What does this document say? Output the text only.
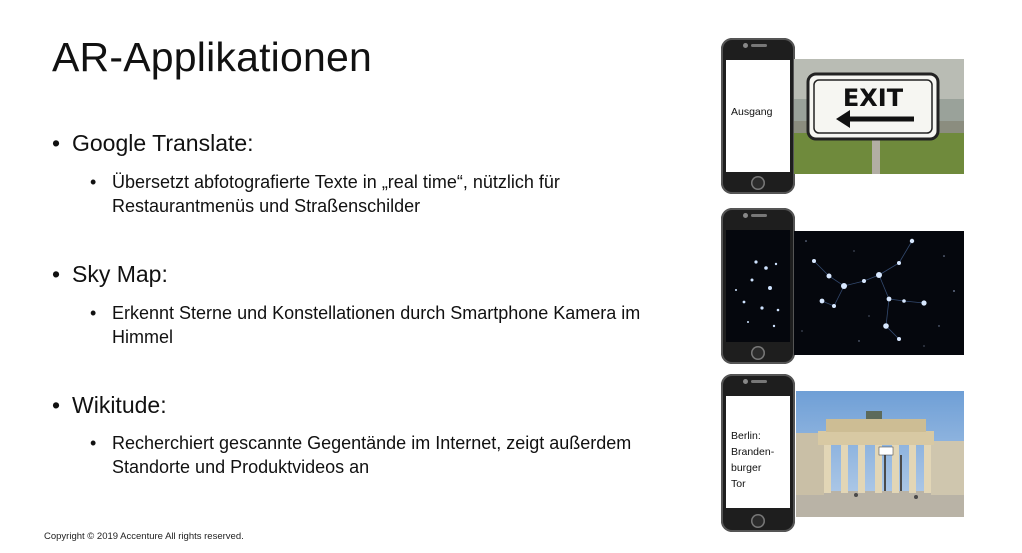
AR-Applikationen
• Google Translate:
• Übersetzt abfotografierte Texte in „real time“, nützlich für Restaurantmenüs und Straßenschilder
• Sky Map:
• Erkennt Sterne und Konstellationen durch Smartphone Kamera im Himmel
• Wikitude:
• Recherchiert gescannte Gegentände im Internet, zeigt außerdem Standorte und Produktvideos an
Copyright © 2019 Accenture All rights reserved.
Ausgang	EXIT
Berlin:
Branden-
burger
Tor
